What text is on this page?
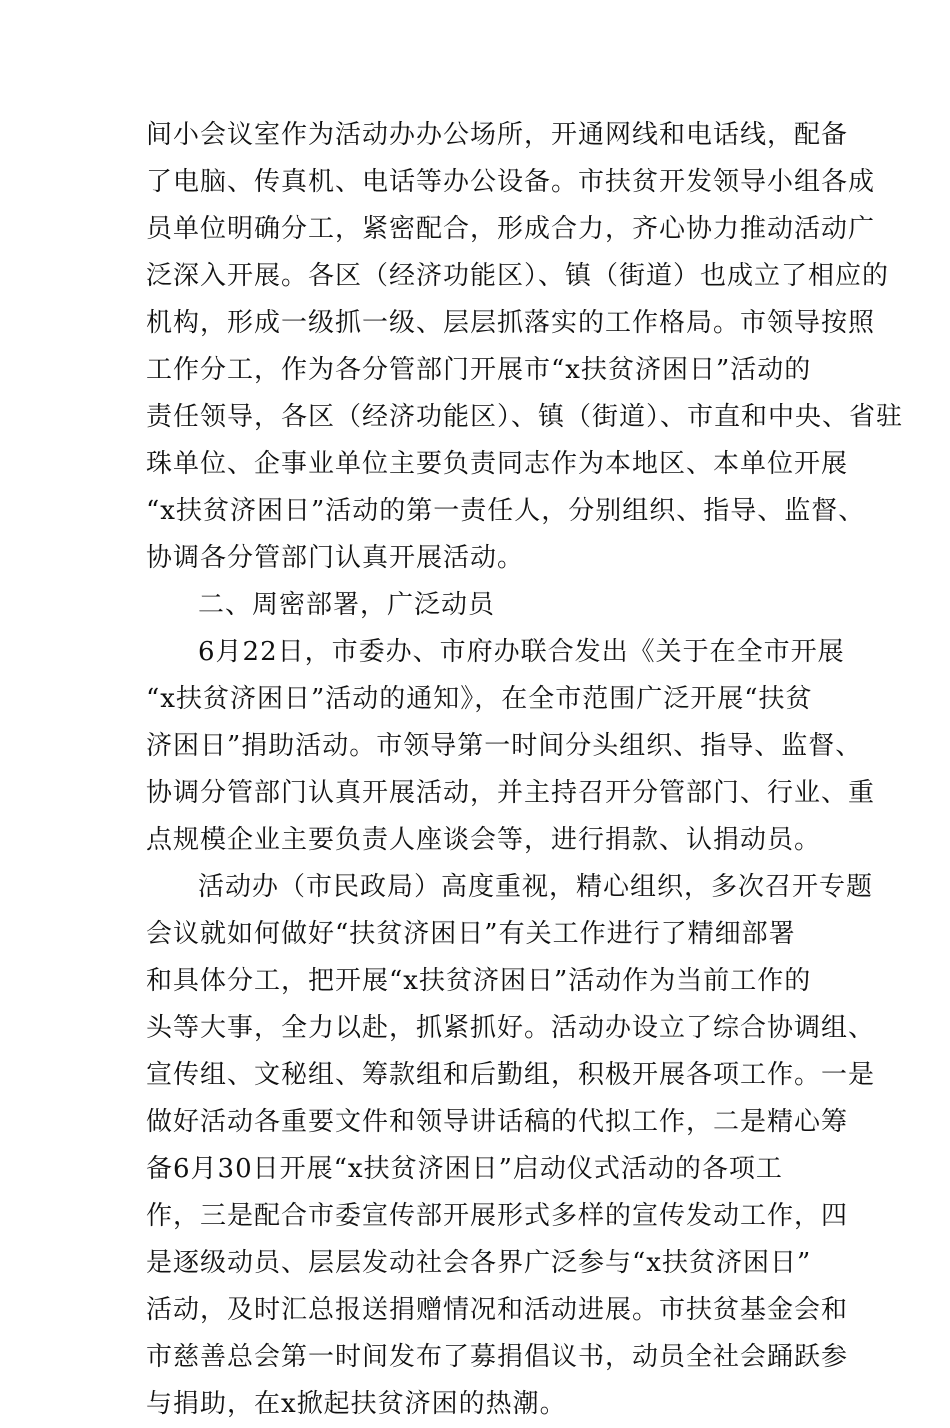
间小会议室作为活动办办公场所，开通网线和电话线，配备
了电脑、传真机、电话等办公设备。市扶贫开发领导小组各成
员单位明确分工，紧密配合，形成合力，齐心协力推动活动广
泛深入开展。各区（经济功能区）、镇（街道）也成立了相应的
机构，形成一级抓一级、层层抓落实的工作格局。市领导按照
工作分工，作为各分管部门开展市“x扶贫济困日”活动的
责任领导，各区（经济功能区）、镇（街道）、市直和中央、省驻
珠单位、企事业单位主要负责同志作为本地区、本单位开展
“x扶贫济困日”活动的第一责任人，分别组织、指导、监督、
协调各分管部门认真开展活动。
二、周密部署，广泛动员
6月22日，市委办、市府办联合发出《关于在全市开展
“x扶贫济困日”活动的通知》，在全市范围广泛开展“扶贫
济困日”捐助活动。市领导第一时间分头组织、指导、监督、
协调分管部门认真开展活动，并主持召开分管部门、行业、重
点规模企业主要负责人座谈会等，进行捐款、认捐动员。
活动办（市民政局）高度重视，精心组织，多次召开专题
会议就如何做好“扶贫济困日”有关工作进行了精细部署
和具体分工，把开展“x扶贫济困日”活动作为当前工作的
头等大事，全力以赴，抓紧抓好。活动办设立了综合协调组、
宣传组、文秘组、筹款组和后勤组，积极开展各项工作。一是
做好活动各重要文件和领导讲话稿的代拟工作，二是精心筹
备6月30日开展“x扶贫济困日”启动仪式活动的各项工
作，三是配合市委宣传部开展形式多样的宣传发动工作，四
是逐级动员、层层发动社会各界广泛参与“x扶贫济困日”
活动，及时汇总报送捐赠情况和活动进展。市扶贫基金会和
市慈善总会第一时间发布了募捐倡议书，动员全社会踊跃参
与捐助，在x掀起扶贫济困的热潮。
